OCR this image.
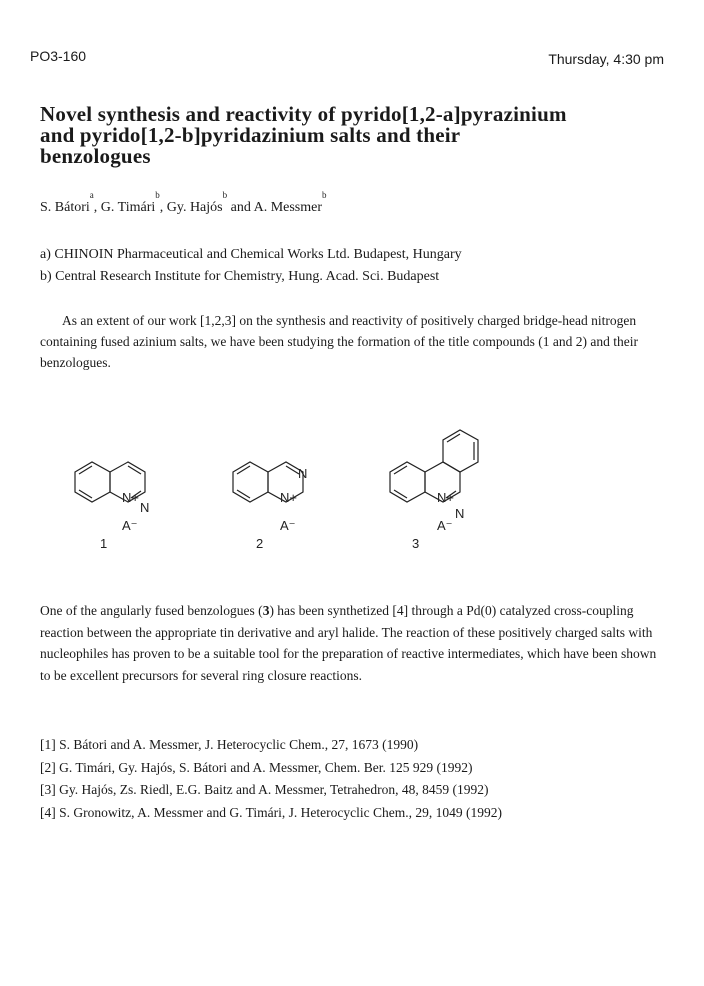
PO3-160	Thursday, 4:30 pm
Novel synthesis and reactivity of pyrido[1,2-a]pyrazinium
and pyrido[1,2-b]pyridazinium salts and their
benzologues
S. Bátori$^a$, G. Timári$^b$, Gy. Hajós$^b$ and A. Messmer$^b$
a) CHINOIN Pharmaceutical and Chemical Works Ltd. Budapest, Hungary
b) Central Research Institute for Chemistry, Hung. Acad. Sci. Budapest
As an extent of our work [1,2,3] on the synthesis and reactivity of positively charged bridge-head nitrogen containing fused azinium salts, we have been studying the formation of the title compounds (1 and 2) and their benzologues.
N+
N
A⁻
1
N+
N
A⁻
2
N+
N
A⁻
3
One of the angularly fused benzologues (3) has been synthetized [4] through a Pd(0) catalyzed cross-coupling reaction between the appropriate tin derivative and aryl halide. The reaction of these positively charged salts with nucleophiles has proven to be a suitable tool for the preparation of reactive intermediates, which have been shown to be excellent precursors for several ring closure reactions.
[1] S. Bátori and A. Messmer, J. Heterocyclic Chem., 27, 1673 (1990)
[2] G. Timári, Gy. Hajós, S. Bátori and A. Messmer, Chem. Ber. 125 929 (1992)
[3] Gy. Hajós, Zs. Riedl, E.G. Baitz and A. Messmer, Tetrahedron, 48, 8459 (1992)
[4] S. Gronowitz, A. Messmer and G. Timári, J. Heterocyclic Chem., 29, 1049 (1992)
